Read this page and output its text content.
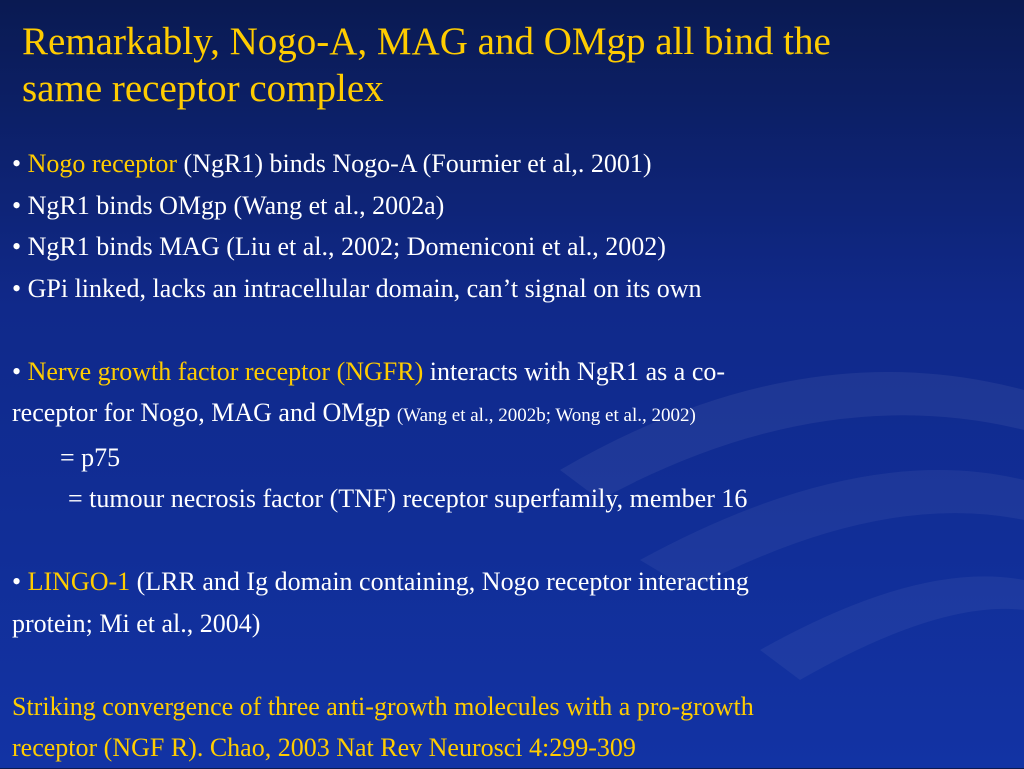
Remarkably, Nogo-A, MAG and OMgp all bind the
same receptor complex
• Nogo receptor (NgR1) binds Nogo-A (Fournier et al,. 2001)
• NgR1 binds OMgp (Wang et al., 2002a)
• NgR1 binds MAG (Liu et al., 2002; Domeniconi et al., 2002)
• GPi linked, lacks an intracellular domain, can’t signal on its own
• Nerve growth factor receptor (NGFR) interacts with NgR1 as a co-
receptor for Nogo, MAG and OMgp (Wang et al., 2002b; Wong et al., 2002)
= p75
= tumour necrosis factor (TNF) receptor superfamily, member 16
• LINGO-1 (LRR and Ig domain containing, Nogo receptor interacting
protein; Mi et al., 2004)
Striking convergence of three anti-growth molecules with a pro-growth
receptor (NGF R). Chao, 2003 Nat Rev Neurosci 4:299-309
